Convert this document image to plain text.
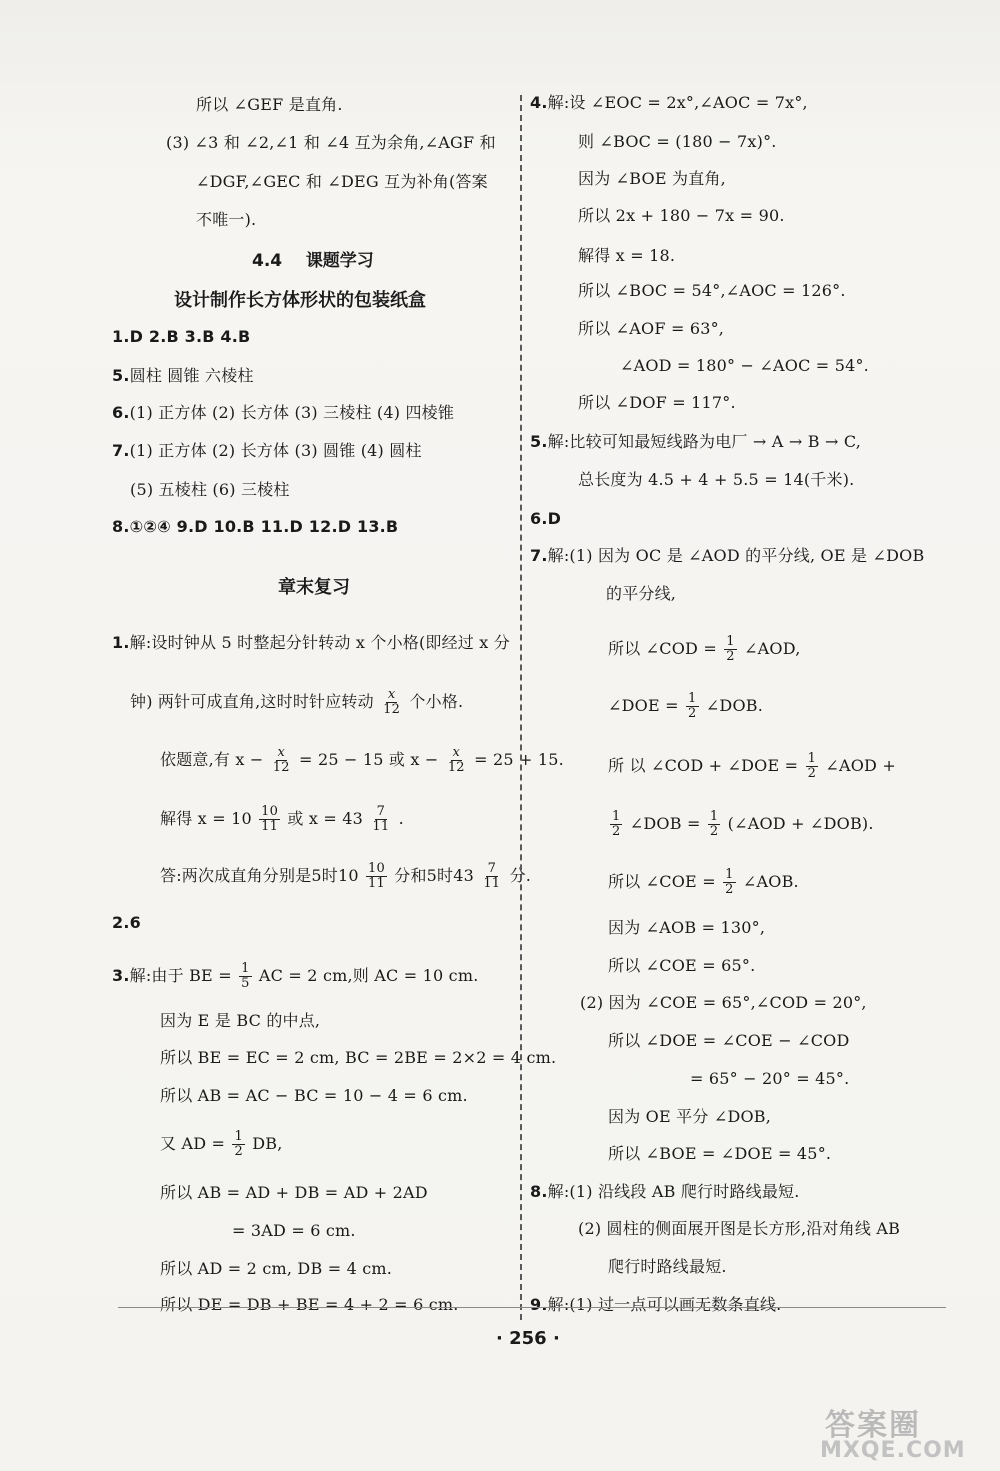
所以 ∠GEF 是直角.
(3) ∠3 和 ∠2,∠1 和 ∠4 互为余角,∠AGF 和
∠DGF,∠GEC 和 ∠DEG 互为补角(答案
不唯一).
4.4 课题学习
设计制作长方体形状的包装纸盒
1.D 2.B 3.B 4.B
5.圆柱 圆锥 六棱柱
6.(1) 正方体 (2) 长方体 (3) 三棱柱 (4) 四棱锥
7.(1) 正方体 (2) 长方体 (3) 圆锥 (4) 圆柱
(5) 五棱柱 (6) 三棱柱
8.①②④ 9.D 10.B 11.D 12.D 13.B
章末复习
1.解:设时钟从 5 时整起分针转动 x 个小格(即经过 x 分
钟) 两针可成直角,这时时针应转动 $\frac{x}{12}$ 个小格.
依题意,有 $x - \frac{x}{12} = 25 - 15$ 或 $x - \frac{x}{12} = 25 + 15$.
解得 $x = 10 \frac{10}{11}$ 或 $x = 43 \frac{7}{11}$ .
答:两次成直角分别是5时$10 \frac{10}{11}$ 分和5时$43 \frac{7}{11}$ 分.
2.6
3.解:由于 BE = $\frac{1}{5}$ AC = 2 cm,则 AC = 10 cm.
因为 E 是 BC 的中点,
所以 BE = EC = 2 cm, BC = 2BE = 2×2 = 4 cm.
所以 AB = AC − BC = 10 − 4 = 6 cm.
又 AD = $\frac{1}{2}$ DB,
所以 AB = AD + DB = AD + 2AD
= 3AD = 6 cm.
所以 AD = 2 cm, DB = 4 cm.
所以 DE = DB + BE = 4 + 2 = 6 cm.
4.解:设 ∠EOC = 2x°,∠AOC = 7x°,
则 ∠BOC = (180 − 7x)°.
因为 ∠BOE 为直角,
所以 2x + 180 − 7x = 90.
解得 x = 18.
所以 ∠BOC = 54°,∠AOC = 126°.
所以 ∠AOF = 63°,
∠AOD = 180° − ∠AOC = 54°.
所以 ∠DOF = 117°.
5.解:比较可知最短线路为电厂 → A → B → C,
总长度为 4.5 + 4 + 5.5 = 14(千米).
6.D
7.解:(1) 因为 OC 是 ∠AOD 的平分线, OE 是 ∠DOB
的平分线,
所以 ∠COD = $\frac{1}{2}$ ∠AOD,
∠DOE = $\frac{1}{2}$ ∠DOB.
所 以 ∠COD + ∠DOE = $\frac{1}{2}$ ∠AOD +
$\frac{1}{2}$ ∠DOB = $\frac{1}{2}$ (∠AOD + ∠DOB).
所以 ∠COE = $\frac{1}{2}$ ∠AOB.
因为 ∠AOB = 130°,
所以 ∠COE = 65°.
(2) 因为 ∠COE = 65°,∠COD = 20°,
所以 ∠DOE = ∠COE − ∠COD
= 65° − 20° = 45°.
因为 OE 平分 ∠DOB,
所以 ∠BOE = ∠DOE = 45°.
8.解:(1) 沿线段 AB 爬行时路线最短.
(2) 圆柱的侧面展开图是长方形,沿对角线 AB
爬行时路线最短.
9.解:(1) 过一点可以画无数条直线.
· 256 ·
答案圈
MXQE.COM
